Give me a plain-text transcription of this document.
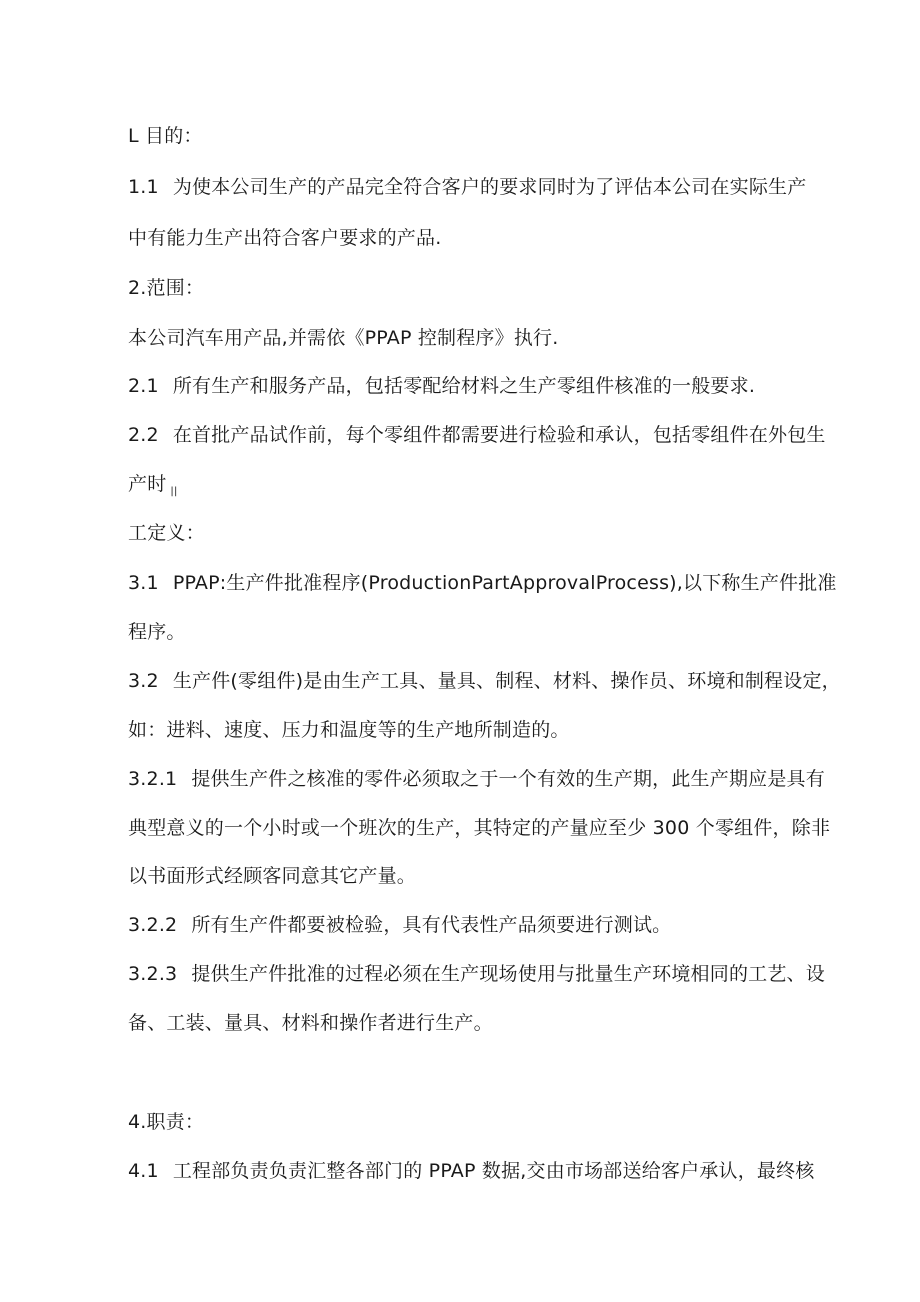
L 目的：
1.1 为使本公司生产的产品完全符合客户的要求同时为了评估本公司在实际生产
中有能力生产出符合客户要求的产品.
2.范围：
本公司汽车用产品,并需依《PPAP 控制程序》执行.
2.1 所有生产和服务产品，包括零配给材料之生产零组件核准的一般要求.
2.2 在首批产品试作前，每个零组件都需要进行检验和承认，包括零组件在外包生
产时 $_{||}$
工定义：
3.1 PPAP:生产件批准程序(ProductionPartApprovalProcess),以下称生产件批准
程序。
3.2 生产件(零组件)是由生产工具、量具、制程、材料、操作员、环境和制程设定，
如：进料、速度、压力和温度等的生产地所制造的。
3.2.1 提供生产件之核准的零件必须取之于一个有效的生产期，此生产期应是具有
典型意义的一个小时或一个班次的生产，其特定的产量应至少 300 个零组件，除非
以书面形式经顾客同意其它产量。
3.2.2 所有生产件都要被检验，具有代表性产品须要进行测试。
3.2.3 提供生产件批准的过程必须在生产现场使用与批量生产环境相同的工艺、设
备、工装、量具、材料和操作者进行生产。
4.职责：
4.1 工程部负责负责汇整各部门的 PPAP 数据,交由市场部送给客户承认，最终核
